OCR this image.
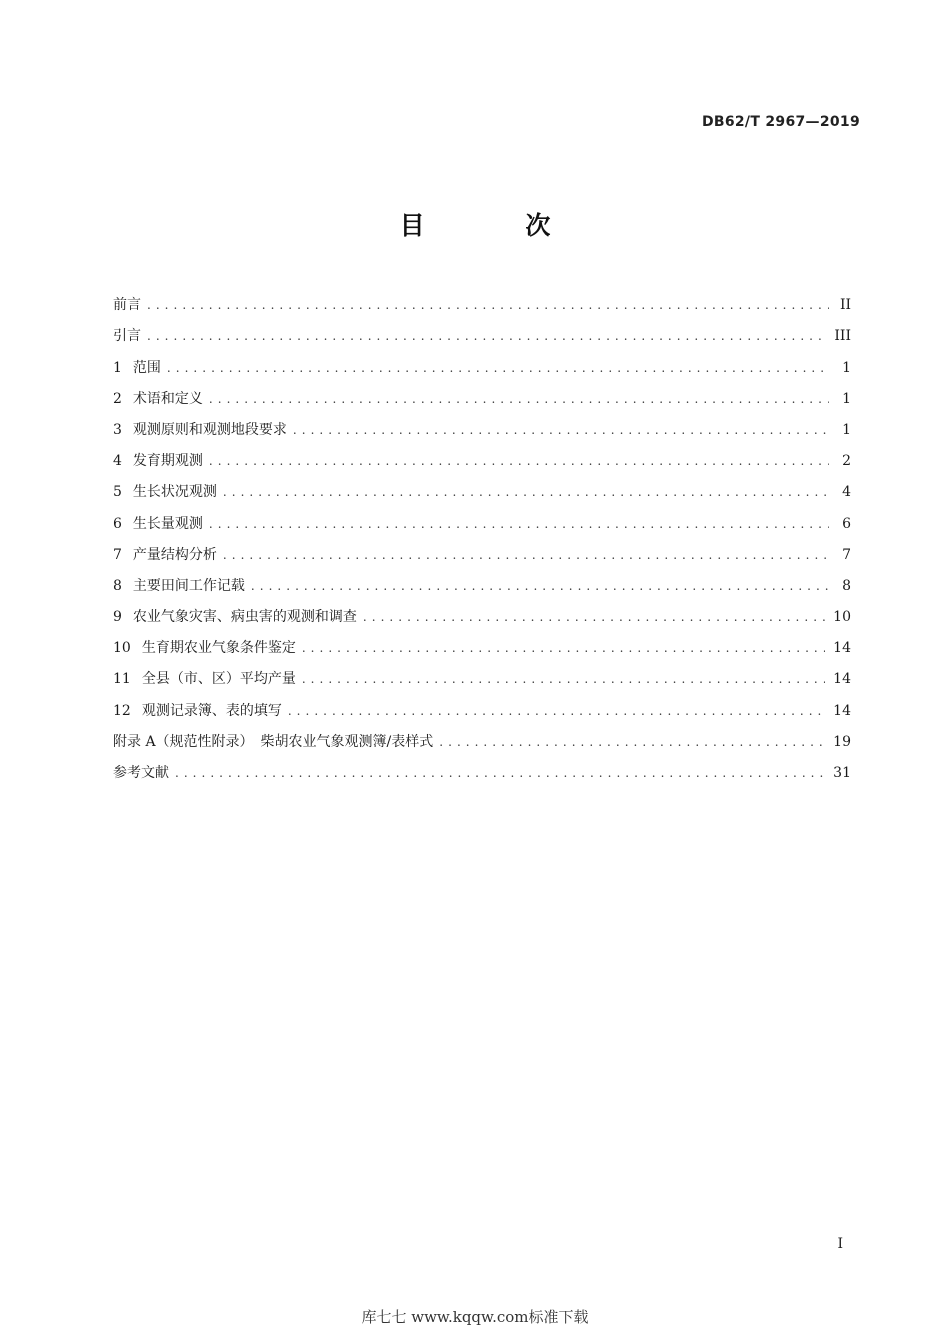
DB62/T 2967—2019
目 次
前言 . . .	II
引言 . . .	III
1 范围 . . .	1
2 术语和定义 . . .	1
3 观测原则和观测地段要求 . . .	1
4 发育期观测 . . .	2
5 生长状况观测 . . .	4
6 生长量观测 . . .	6
7 产量结构分析 . . .	7
8 主要田间工作记载 . . .	8
9 农业气象灾害、病虫害的观测和调查 . . .	10
10 生育期农业气象条件鉴定 . . .	14
11 全县（市、区）平均产量 . . .	14
12 观测记录簿、表的填写 . . .	14
附录 A（规范性附录）　柴胡农业气象观测簿/表样式 . . .	19
参考文献 . . .	31
I
库七七 www.kqqw.com标准下载
